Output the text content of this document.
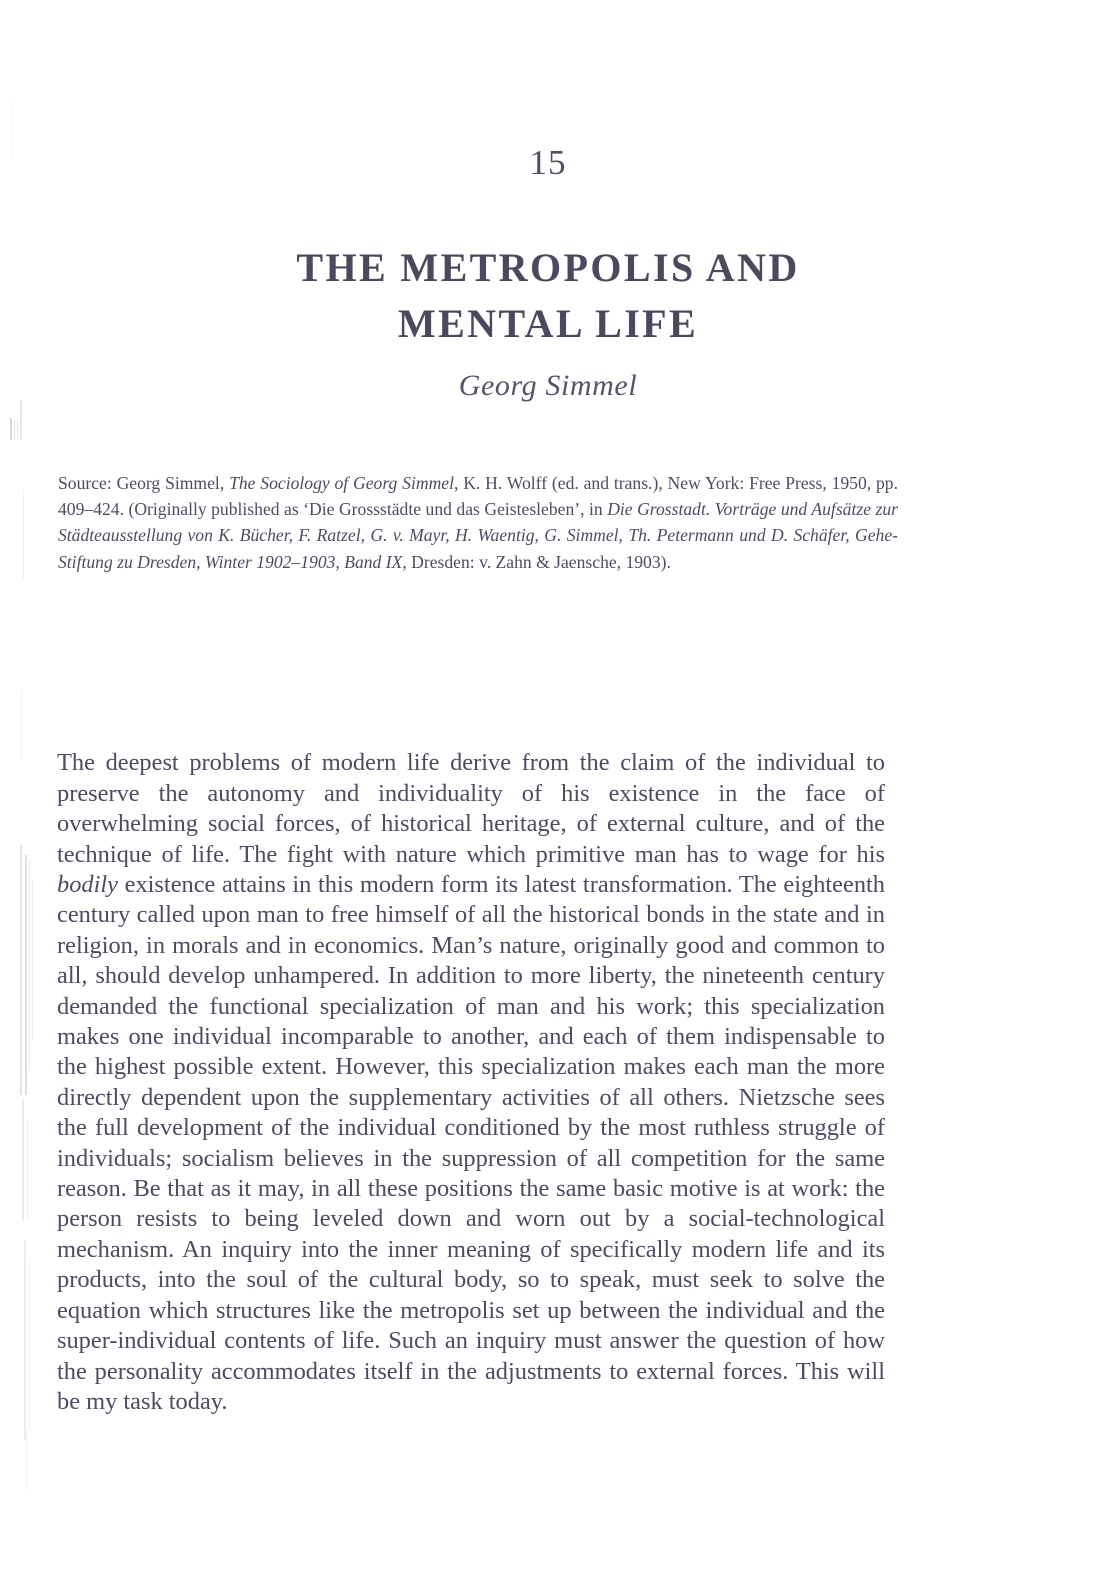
15
THE METROPOLIS AND
MENTAL LIFE
Georg Simmel
Source: Georg Simmel, The Sociology of Georg Simmel, K. H. Wolff (ed. and trans.), New York: Free Press, 1950, pp. 409–424. (Originally published as ‘Die Grossstädte und das Geistesleben’, in Die Grosstadt. Vorträge und Aufsätze zur Städteausstellung von K. Bücher, F. Ratzel, G. v. Mayr, H. Waentig, G. Simmel, Th. Petermann und D. Schäfer, Gehe-Stiftung zu Dresden, Winter 1902–1903, Band IX, Dresden: v. Zahn & Jaensche, 1903).

The deepest problems of modern life derive from the claim of the individual to preserve the autonomy and individuality of his existence in the face of overwhelming social forces, of historical heritage, of external culture, and of the technique of life. The fight with nature which primitive man has to wage for his bodily existence attains in this modern form its latest transformation. The eighteenth century called upon man to free himself of all the historical bonds in the state and in religion, in morals and in economics. Man’s nature, originally good and common to all, should develop unhampered. In addition to more liberty, the nineteenth century demanded the functional specialization of man and his work; this specialization makes one individual incomparable to another, and each of them indispensable to the highest possible extent. However, this specialization makes each man the more directly dependent upon the supplementary activities of all others. Nietzsche sees the full development of the individual conditioned by the most ruthless struggle of individuals; socialism believes in the suppression of all competition for the same reason. Be that as it may, in all these positions the same basic motive is at work: the person resists to being leveled down and worn out by a social-technological mechanism. An inquiry into the inner meaning of specifically modern life and its products, into the soul of the cultural body, so to speak, must seek to solve the equation which structures like the metropolis set up between the individual and the super-individual contents of life. Such an inquiry must answer the question of how the personality accommodates itself in the adjustments to external forces. This will be my task today.
